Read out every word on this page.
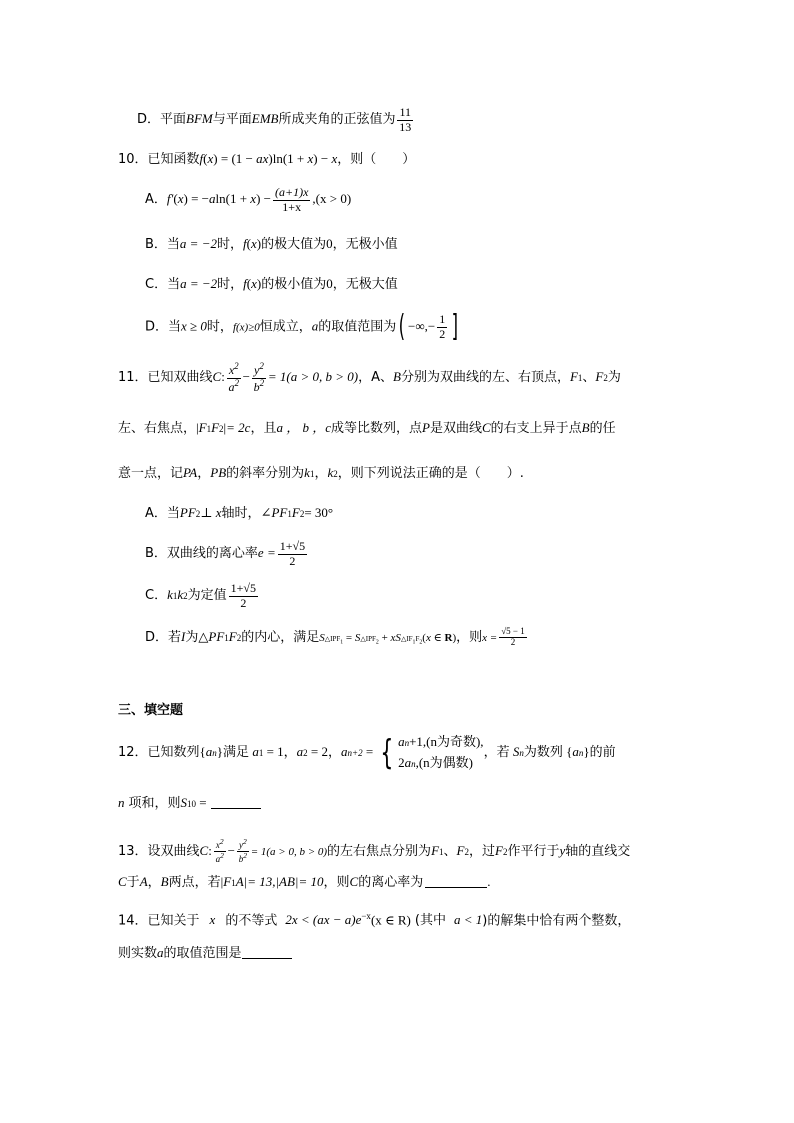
D．平面BFM与平面EMB所成夹角的正弦值为 $\frac{11}{13}$
10．已知函数f(x) = (1 − ax)ln(1 + x) − x，则（　　）
A．$f'(x) = -aln(1 + x) - \frac{(a+1)x}{1+x} ,(x > 0)$
B．当a = −2时，f(x)的极大值为0，无极小值
C．当a = −2时，f(x)的极小值为0，无极大值
D．当x ≥ 0时，f(x)≥0恒成立，a的取值范围为( −∞,− $\frac{1}{2}$ ]
11．已知双曲线C: $\frac{x^2}{a^2} - \frac{y^2}{b^2} = 1(a > 0$, b > 0)，A、B分别为双曲线的左、右顶点，F1、F2为
左、右焦点，|F1F2|= 2c，且a ， b ，c成等比数列，点P是双曲线C的右支上异于点B的任
意一点，记PA，PB的斜率分别为k1，k2，则下列说法正确的是（　　）.
A．当PF2⊥ x轴时，∠PF1F2= 30°
B．双曲线的离心率$e = \frac{1+√5}{2}$
C．k1k2为定值 $\frac{1+√5}{2}$
D．若I为△PF1F2的内心，满足$S\triangle IPF_1$ = $S\triangle IPF_2$ + $xS\triangle IF_1F_2(x$ ∈ R)，则$x = \frac{√5 - 1}{2}$
三、填空题
12．已知数列{an}满足 a1 = 1，a2 = 2，an+2 = { an+1,(n为奇数),
2an,(n为偶数)
，若 Sn为数列 {an}的前
n 项和，则S10 =
13．设双曲线C: $\frac{x^2}{a^2} - \frac{y^2}{b^2} = 1(a > 0$, b > 0)的左右焦点分别为F1、F2，过F2作平行于y轴的直线交
C于A，B两点，若|F1A|= 13,|AB|= 10，则C的离心率为	.
14．已知关于 x 的不等式 $2x < (ax - a)e^{-x}(x$ ∈ R) (其中 a < 1)的解集中恰有两个整数，
则实数a的取值范围是
